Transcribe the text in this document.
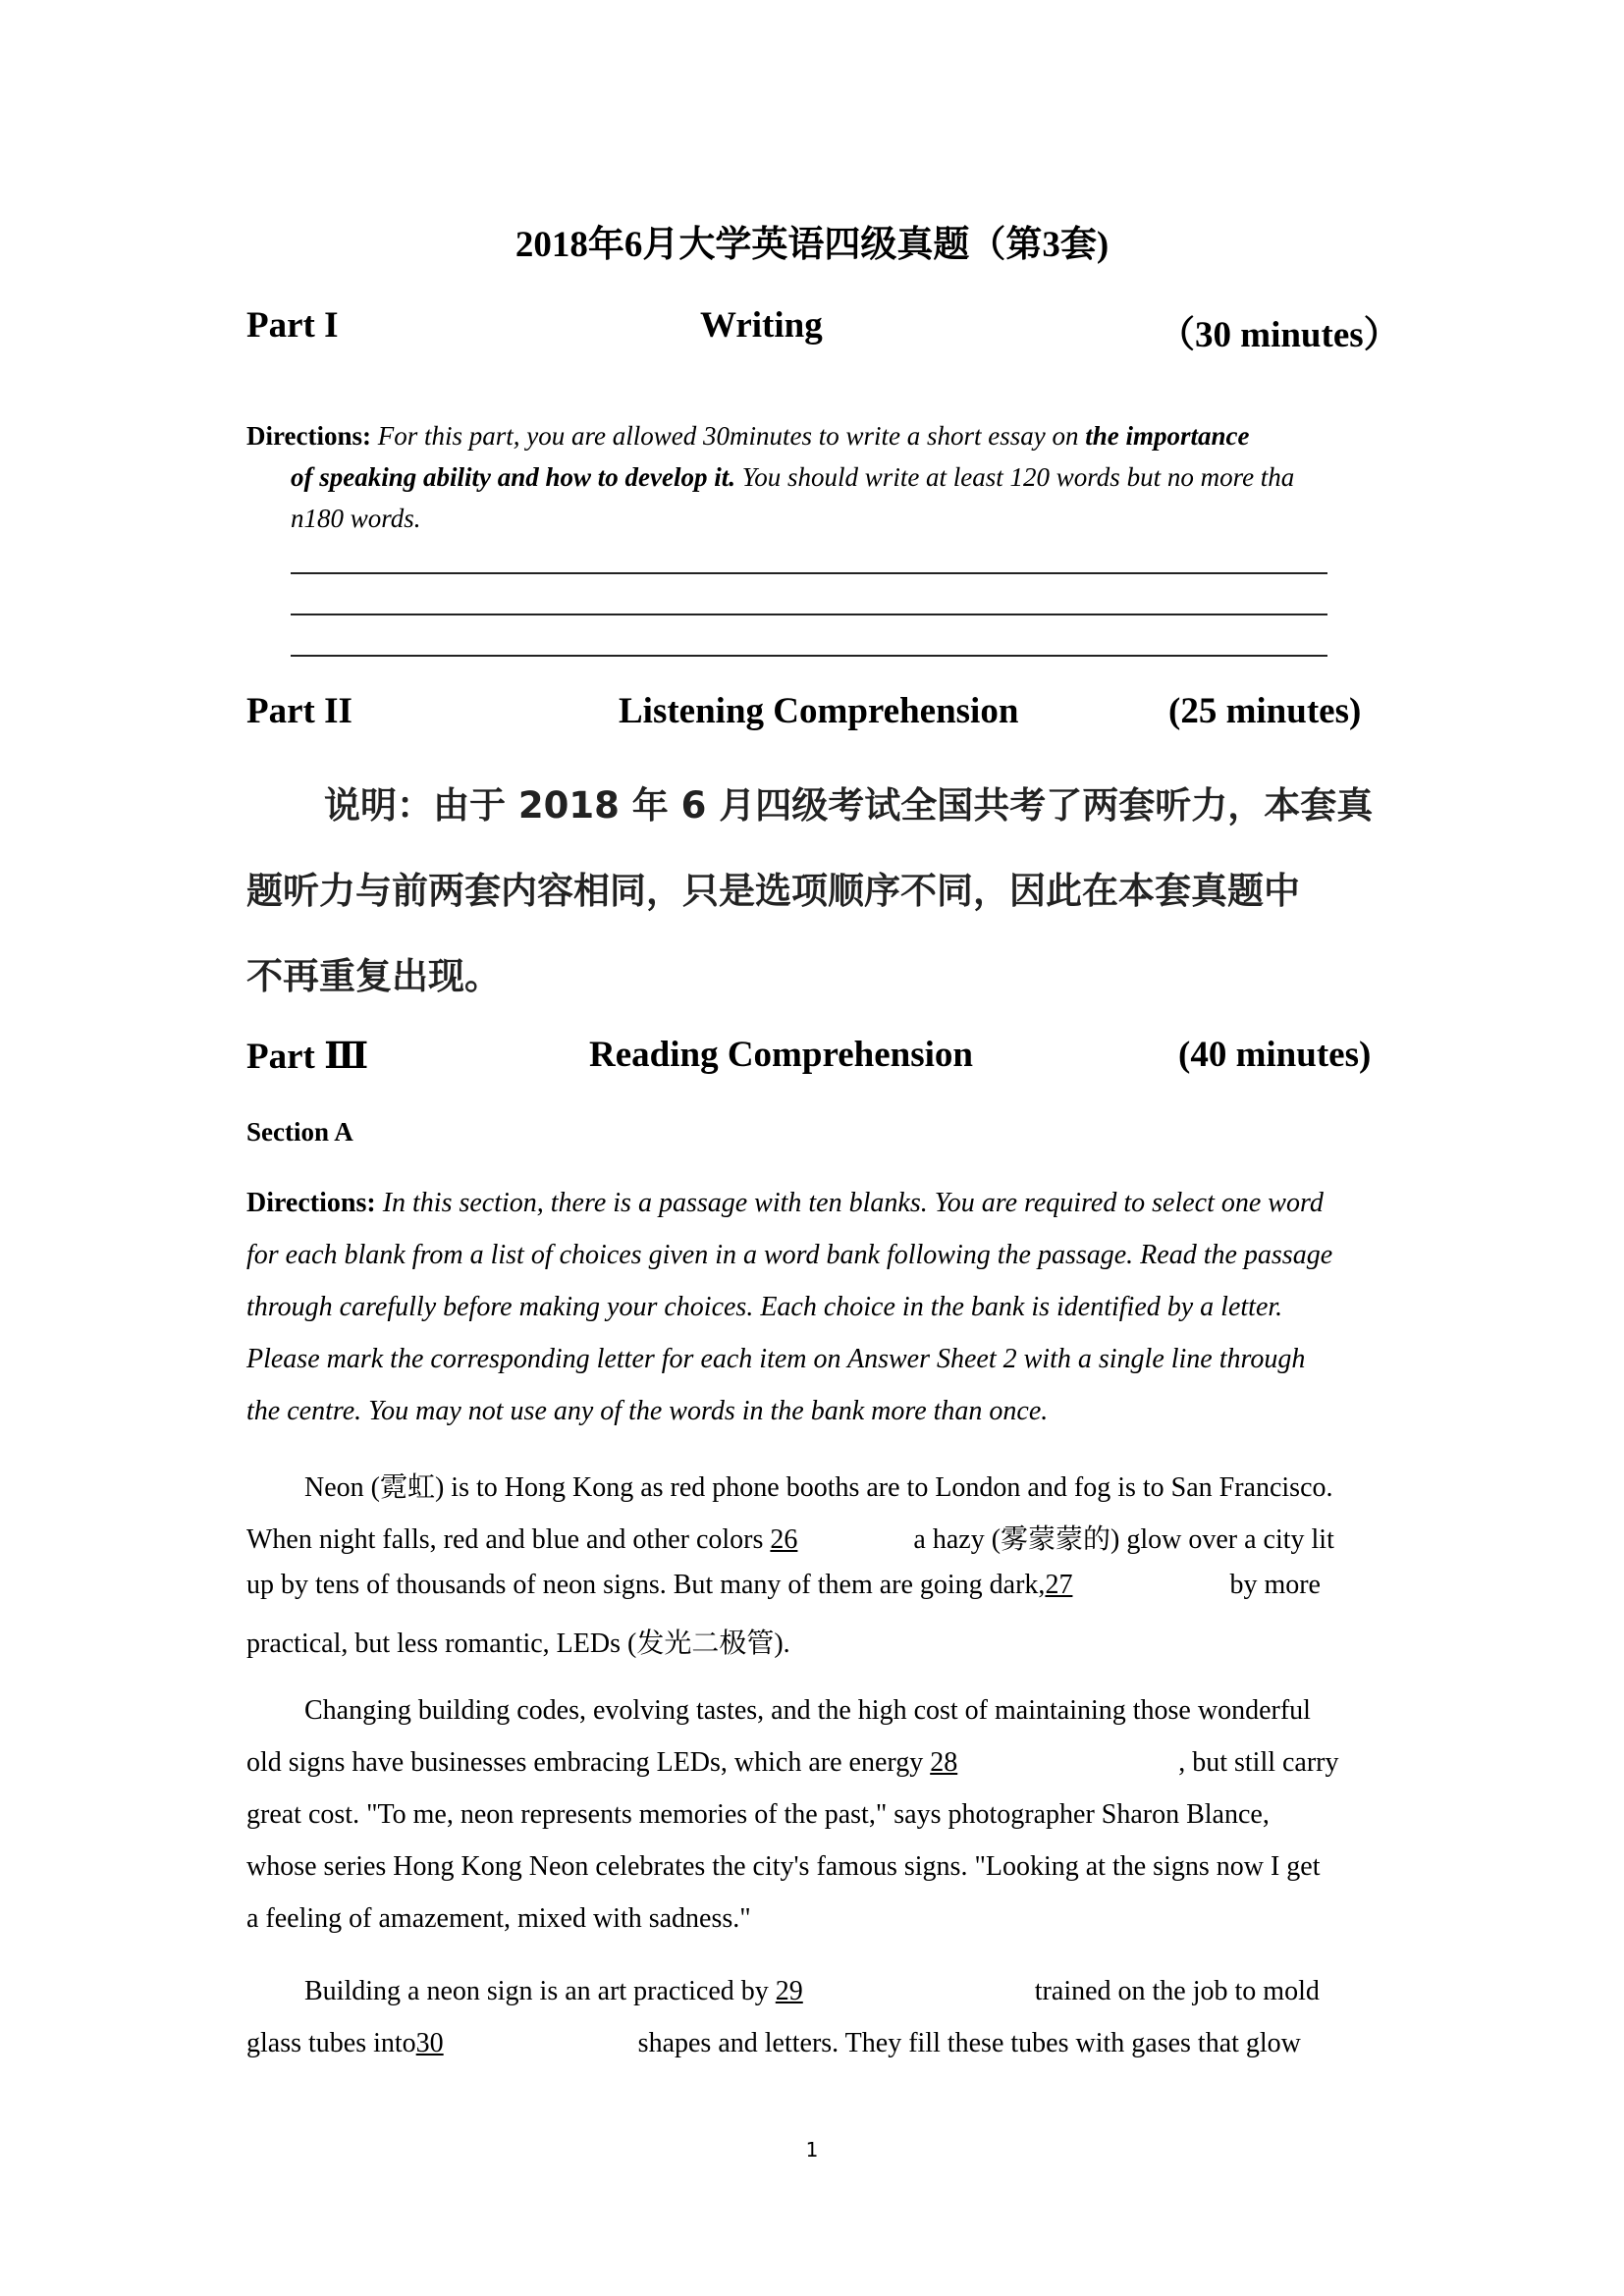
2018年6月大学英语四级真题（第3套)
Part I	Writing	（30 minutes）
Directions: For this part, you are allowed 30minutes to write a short essay on the importance
of speaking ability and how to develop it. You should write at least 120 words but no more tha
n180 words.
Part II	Listening Comprehension	(25 minutes)
说明：由于 2018 年 6 月四级考试全国共考了两套听力，本套真
题听力与前两套内容相同，只是选项顺序不同，因此在本套真题中
不再重复出现。
Part Ⅲ	Reading Comprehension	(40 minutes)
Section A
Directions: In this section, there is a passage with ten blanks. You are required to select one word
for each blank from a list of choices given in a word bank following the passage. Read the passage
through carefully before making your choices. Each choice in the bank is identified by a letter.
Please mark the corresponding letter for each item on Answer Sheet 2 with a single line through
the centre. You may not use any of the words in the bank more than once.
Neon (霓虹) is to Hong Kong as red phone booths are to London and fog is to San Francisco.
When night falls, red and blue and other colors 26	a hazy (雾蒙蒙的) glow over a city lit
up by tens of thousands of neon signs. But many of them are going dark,27	by more
practical, but less romantic, LEDs (发光二极管).
Changing building codes, evolving tastes, and the high cost of maintaining those wonderful
old signs have businesses embracing LEDs, which are energy 28	, but still carry
great cost. "To me, neon represents memories of the past," says photographer Sharon Blance,
whose series Hong Kong Neon celebrates the city's famous signs. "Looking at the signs now I get
a feeling of amazement, mixed with sadness."
Building a neon sign is an art practiced by 29	trained on the job to mold
glass tubes into30	shapes and letters. They fill these tubes with gases that glow
1
